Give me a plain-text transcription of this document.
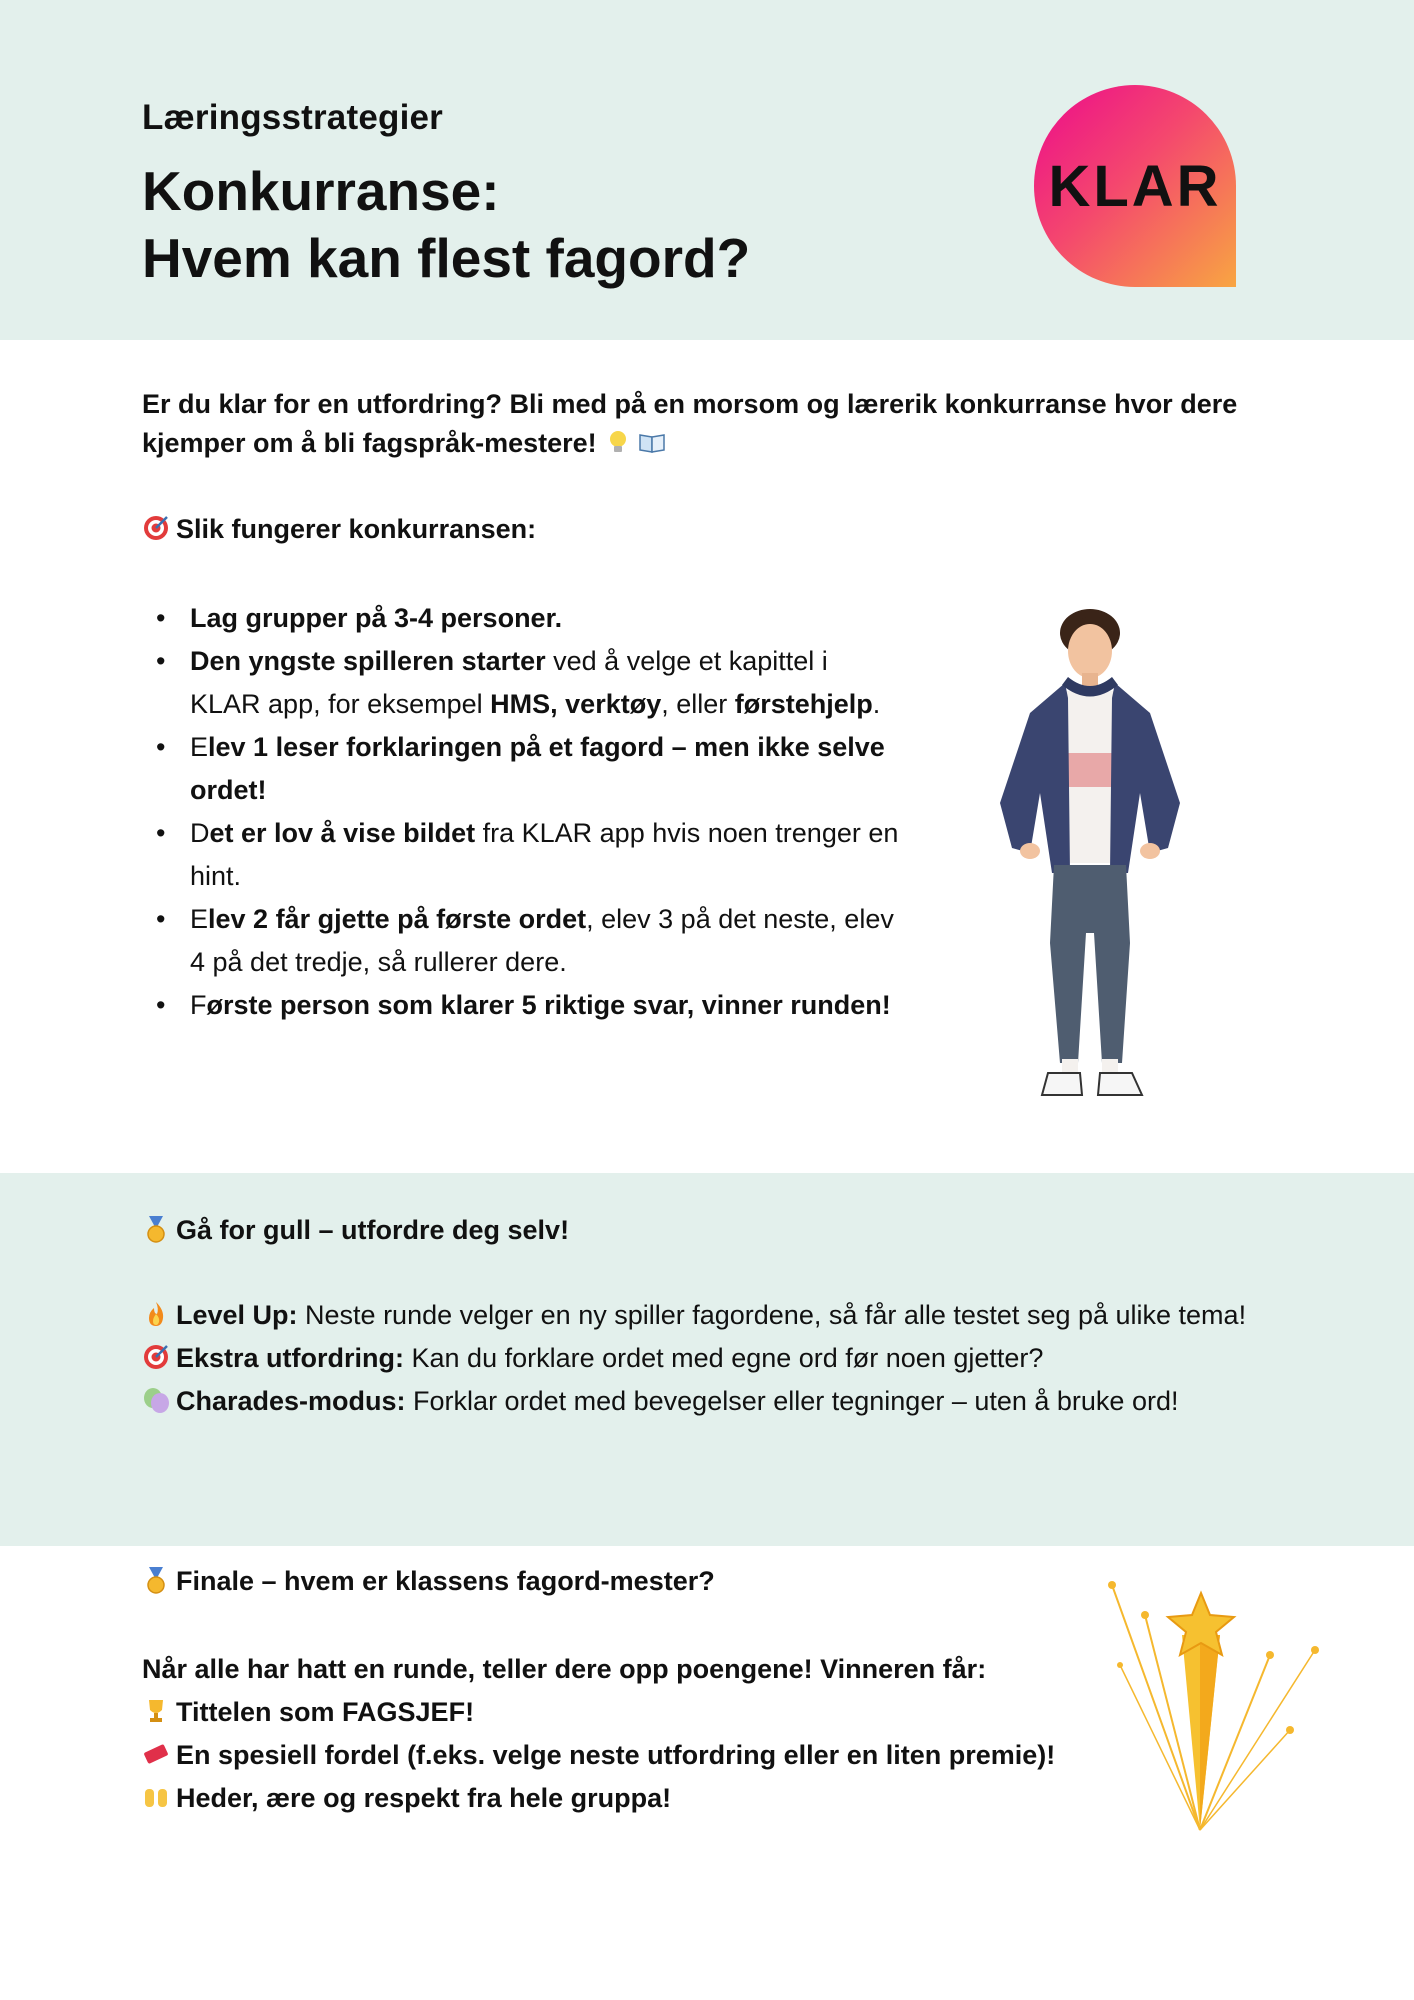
Læringsstrategier
Konkurranse:
Hvem kan flest fagord?
KLAR
Er du klar for en utfordring? Bli med på en morsom og lærerik konkurranse hvor dere kjemper om å bli fagspråk-mestere!
Slik fungerer konkurransen:
• Lag grupper på 3-4 personer.
• Den yngste spilleren starter ved å velge et kapittel i KLAR app, for eksempel HMS, verktøy, eller førstehjelp.
• Elev 1 leser forklaringen på et fagord – men ikke selve ordet!
• Det er lov å vise bildet fra KLAR app hvis noen trenger en hint.
• Elev 2 får gjette på første ordet, elev 3 på det neste, elev 4 på det tredje, så rullerer dere.
• Første person som klarer 5 riktige svar, vinner runden!
Gå for gull – utfordre deg selv!
Level Up: Neste runde velger en ny spiller fagordene, så får alle testet seg på ulike tema!
Ekstra utfordring: Kan du forklare ordet med egne ord før noen gjetter?
Charades-modus: Forklar ordet med bevegelser eller tegninger – uten å bruke ord!
Finale – hvem er klassens fagord-mester?
Når alle har hatt en runde, teller dere opp poengene! Vinneren får:
Tittelen som FAGSJEF!
En spesiell fordel (f.eks. velge neste utfordring eller en liten premie)!
Heder, ære og respekt fra hele gruppa!
